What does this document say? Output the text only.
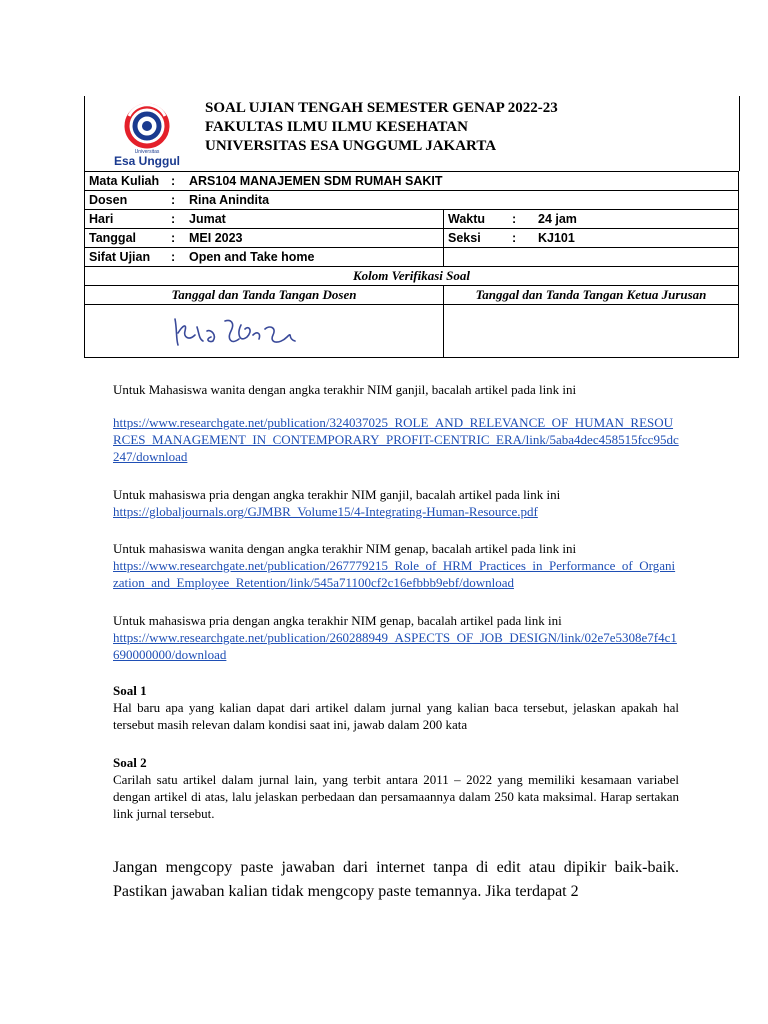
Universitas
Esa Unggul
SOAL UJIAN TENGAH SEMESTER GENAP 2022-23
FAKULTAS ILMU ILMU KESEHATAN
UNIVERSITAS ESA UNGGUML JAKARTA
Mata Kuliah	:	ARS104 MANAJEMEN SDM RUMAH SAKIT			
Dosen	:	Rina Anindita			
Hari	:	Jumat	Waktu	:	24 jam
Tanggal	:	MEI 2023	Seksi	:	KJ101
Sifat Ujian	:	Open and Take home			
Kolom Verifikasi Soal					
Tanggal dan Tanda Tangan Dosen			Tanggal dan Tanda Tangan Ketua Jurusan		

Untuk Mahasiswa wanita dengan angka terakhir NIM ganjil, bacalah artikel pada link ini

https://www.researchgate.net/publication/324037025_ROLE_AND_RELEVANCE_OF_HUMAN_RESOURCES_MANAGEMENT_IN_CONTEMPORARY_PROFIT-CENTRIC_ERA/link/5aba4dec458515fcc95dc247/download

Untuk mahasiswa pria dengan angka terakhir NIM ganjil, bacalah artikel pada link ini

https://globaljournals.org/GJMBR_Volume15/4-Integrating-Human-Resource.pdf

Untuk mahasiswa wanita dengan angka terakhir NIM genap, bacalah artikel pada link ini

https://www.researchgate.net/publication/267779215_Role_of_HRM_Practices_in_Performance_of_Organization_and_Employee_Retention/link/545a71100cf2c16efbbb9ebf/download

Untuk mahasiswa pria dengan angka terakhir NIM genap, bacalah artikel pada link ini

https://www.researchgate.net/publication/260288949_ASPECTS_OF_JOB_DESIGN/link/02e7e5308e7f4c1690000000/download

Soal 1

Hal baru apa yang kalian dapat dari artikel dalam jurnal yang kalian baca tersebut, jelaskan apakah hal tersebut masih relevan dalam kondisi saat ini, jawab dalam 200 kata

Soal 2

Carilah satu artikel dalam jurnal lain, yang terbit antara 2011 – 2022 yang memiliki kesamaan variabel dengan artikel di atas, lalu jelaskan perbedaan dan persamaannya dalam 250 kata maksimal. Harap sertakan link jurnal tersebut.

Jangan mengcopy paste jawaban dari internet tanpa di edit atau dipikir baik-baik. Pastikan jawaban kalian tidak mengcopy paste temannya. Jika terdapat 2
